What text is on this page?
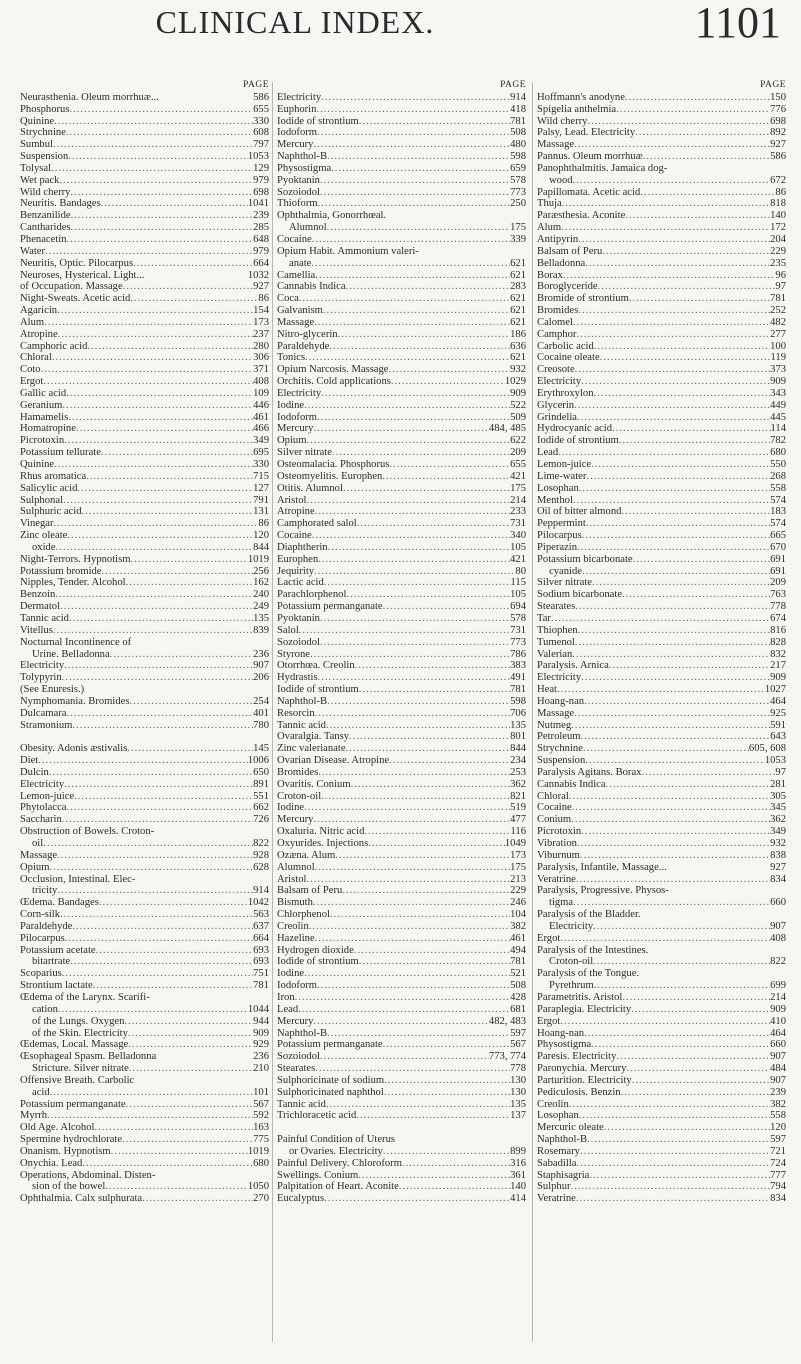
CLINICAL INDEX.	1101
PAGE
Neurasthenia. Oleum morrhuæ...	586
Phosphorus .....	655
Quinine .....	330
Strychnine .....	608
Sumbul .....	797
Suspension .....	1053
Tolysal .....	129
Wet pack .....	979
Wild cherry .....	698
Neuritis. Bandages .....	1041
Benzanilide .....	239
Cantharides .....	285
Phenacetin .....	648
Water .....	979
Neuritis, Optic. Pilocarpus .....	664
Neuroses, Hysterical. Light...	1032
of Occupation. Massage .....	927
Night-Sweats. Acetic acid .....	86
Agaricin .....	154
Alum .....	173
Atropine .....	237
Camphoric acid .....	280
Chloral .....	306
Coto .....	371
Ergot .....	408
Gallic acid .....	109
Geranium .....	446
Hamamelis .....	461
Homatropine .....	466
Picrotoxin .....	349
Potassium tellurate .....	695
Quinine .....	330
Rhus aromatica .....	715
Salicylic acid .....	127
Sulphonal .....	791
Sulphuric acid .....	131
Vinegar .....	86
Zinc oleate .....	120
oxide .....	844
Night-Terrors. Hypnotism .....	1019
Potassium bromide .....	256
Nipples, Tender. Alcohol .....	162
Benzoin .....	240
Dermatol .....	249
Tannic acid .....	135
Vitellus .....	839
Nocturnal Incontinence of
Urine. Belladonna .....	236
Electricity .....	907
Tolypyrin .....	206
(See Enuresis.)
Nymphomania. Bromides .....	254
Dulcamara .....	401
Stramonium .....	780
Obesity. Adonis æstivalis .....	145
Diet .....	1006
Dulcin .....	650
Electricity .....	891
Lemon-juice .....	551
Phytolacca .....	662
Saccharin .....	726
Obstruction of Bowels. Croton-
oil .....	822
Massage .....	928
Opium .....	628
Occlusion, Intestinal. Elec-
tricity .....	914
Œdema. Bandages .....	1042
Corn-silk .....	563
Paraldehyde .....	637
Pilocarpus .....	664
Potassium acetate .....	693
bitartrate .....	693
Scoparius .....	751
Strontium lactate .....	781
Œdema of the Larynx. Scarifi-
cation .....	1044
of the Lungs. Oxygen .....	944
of the Skin. Electricity .....	909
Œdemas, Local. Massage .....	929
Œsophageal Spasm. Belladonna	236
Stricture. Silver nitrate .....	210
Offensive Breath. Carbolic
acid .....	101
Potassium permanganate .....	567
Myrrh .....	592
Old Age. Alcohol .....	163
Spermine hydrochlorate .....	775
Onanism. Hypnotism .....	1019
Onychia. Lead .....	680
Operations, Abdominal. Disten-
sion of the bowel .....	1050
Ophthalmia. Calx sulphurata .....	270
PAGE
Electricity .....	914
Euphorin .....	418
Iodide of strontium .....	781
Iodoform .....	508
Mercury .....	480
Naphthol-B .....	598
Physostigma .....	659
Pyoktanin .....	578
Sozoiodol .....	773
Thioform .....	250
Ophthalmia, Gonorrhœal.
Alumnol .....	175
Cocaine .....	339
Opium Habit. Ammonium valeri-
anate .....	621
Camellia .....	621
Cannabis Indica .....	283
Coca .....	621
Galvanism .....	621
Massage .....	621
Nitro-glycerin .....	186
Paraldehyde .....	636
Tonics .....	621
Opium Narcosis. Massage .....	932
Orchitis. Cold applications .....	1029
Electricity .....	909
Iodine .....	522
Iodoform .....	509
Mercury .....	484, 485
Opium .....	622
Silver nitrate .....	209
Osteomalacia. Phosphorus .....	655
Osteomyelitis. Europhen .....	421
Otitis. Alumnol .....	175
Aristol .....	214
Atropine .....	233
Camphorated salol .....	731
Cocaine .....	340
Diaphtherin .....	105
Europhen .....	421
Jequirity .....	80
Lactic acid .....	115
Parachlorphenol .....	105
Potassium permanganate .....	694
Pyoktanin .....	578
Salol .....	731
Sozoiodol .....	773
Styrone .....	786
Otorrhœa. Creolin .....	383
Hydrastis .....	491
Iodide of strontium .....	781
Naphthol-B .....	598
Resorcin .....	706
Tannic acid .....	135
Ovaralgia. Tansy .....	801
Zinc valerianate .....	844
Ovarian Disease. Atropine .....	234
Bromides .....	253
Ovaritis. Conium .....	362
Croton-oil .....	821
Iodine .....	519
Mercury .....	477
Oxaluria. Nitric acid .....	116
Oxyurides. Injections .....	1049
Ozæna. Alum .....	173
Alumnol .....	175
Aristol .....	213
Balsam of Peru .....	229
Bismuth .....	246
Chlorphenol .....	104
Creolin .....	382
Hazeline .....	461
Hydrogen dioxide .....	494
Iodide of strontium .....	781
Iodine .....	521
Iodoform .....	508
Iron .....	428
Lead .....	681
Mercury .....	482, 483
Naphthol-B .....	597
Potassium permanganate .....	567
Sozoiodol .....	773, 774
Stearates .....	778
Sulphoricinate of sodium .....	130
Sulphoricinated naphthol .....	130
Tannic acid .....	135
Trichloracetic acid .....	137
Painful Condition of Uterus
or Ovaries. Electricity .....	899
Painful Delivery. Chloroform .....	316
Swellings. Conium .....	361
Palpitation of Heart. Aconite .....	140
Eucalyptus .....	414
PAGE
Hoffmann's anodyne .....	150
Spigelia anthelmia .....	776
Wild cherry .....	698
Palsy, Lead. Electricity .....	892
Massage .....	927
Pannus. Oleum morrhuæ .....	586
Panophthalmitis. Jamaica dog-
wood .....	672
Papillomata. Acetic acid .....	86
Thuja .....	818
Paræsthesia. Aconite .....	140
Alum .....	172
Antipyrin .....	204
Balsam of Peru .....	229
Belladonna .....	235
Borax .....	96
Boroglyceride .....	97
Bromide of strontium .....	781
Bromides .....	252
Calomel .....	482
Camphor .....	277
Carbolic acid .....	100
Cocaine oleate .....	119
Creosote .....	373
Electricity .....	909
Erythroxylon .....	343
Glycerin .....	449
Grindelia .....	445
Hydrocyanic acid .....	114
Iodide of strontium .....	782
Lead .....	680
Lemon-juice .....	550
Lime-water .....	268
Losophan .....	558
Menthol .....	574
Oil of bitter almond .....	183
Peppermint .....	574
Pilocarpus .....	665
Piperazin .....	670
Potassium bicarbonate .....	691
cyanide .....	691
Silver nitrate .....	209
Sodium bicarbonate .....	763
Stearates .....	778
Tar .....	674
Thiophen .....	816
Tumenol .....	828
Valerian .....	832
Paralysis. Arnica .....	217
Electricity .....	909
Heat .....	1027
Hoang-nan .....	464
Massage .....	925
Nutmeg .....	591
Petroleum .....	643
Strychnine .....	605, 608
Suspension .....	1053
Paralysis Agitans. Borax .....	97
Cannabis Indica .....	281
Chloral .....	305
Cocaine .....	345
Conium .....	362
Picrotoxin .....	349
Vibration .....	932
Viburnum .....	838
Paralysis, Infantile. Massage...	927
Veratrine .....	834
Paralysis, Progressive. Physos-
tigma .....	660
Paralysis of the Bladder.
Electricity .....	907
Ergot .....	408
Paralysis of the Intestines.
Croton-oil .....	822
Paralysis of the Tongue.
Pyrethrum .....	699
Parametritis. Aristol .....	214
Paraplegia. Electricity .....	909
Ergot .....	410
Hoang-nan .....	464
Physostigma .....	660
Paresis. Electricity .....	907
Paronychia. Mercury .....	484
Parturition. Electricity .....	907
Pediculosis. Benzin .....	239
Creolin .....	382
Losophan .....	558
Mercuric oleate .....	120
Naphthol-B .....	597
Rosemary .....	721
Sabadilla .....	724
Staphisagria .....	777
Sulphur .....	794
Veratrine .....	834
